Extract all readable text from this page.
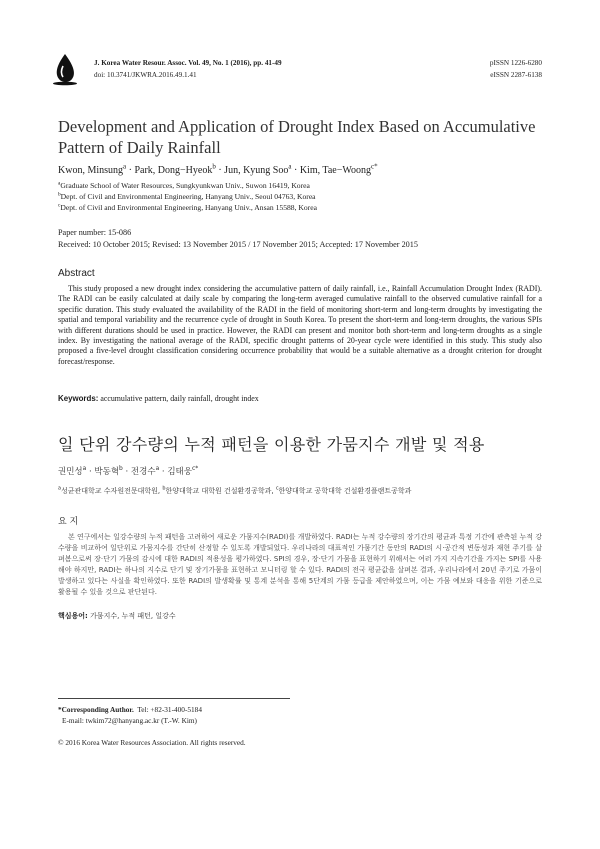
J. Korea Water Resour. Assoc. Vol. 49, No. 1 (2016), pp. 41-49
doi: 10.3741/JKWRA.2016.49.1.41
pISSN 1226-6280
eISSN 2287-6138
Development and Application of Drought Index Based on Accumulative Pattern of Daily Rainfall
Kwon, Minsung$^a$ · Park, Dong−Hyeok$^b$ · Jun, Kyung Soo$^a$ · Kim, Tae−Woong$^{c*}$
$^a$Graduate School of Water Resources, Sungkyunkwan Univ., Suwon 16419, Korea
$^b$Dept. of Civil and Environmental Engineering, Hanyang Univ., Seoul 04763, Korea
$^c$Dept. of Civil and Environmental Engineering, Hanyang Univ., Ansan 15588, Korea
Paper number: 15-086
Received: 10 October 2015; Revised: 13 November 2015 / 17 November 2015; Accepted: 17 November 2015
Abstract
This study proposed a new drought index considering the accumulative pattern of daily rainfall, i.e., Rainfall Accumulation Drought Index (RADI). The RADI can be easily calculated at daily scale by comparing the long-term averaged cumulative rainfall to the observed cumulative rainfall for a specific duration. This study evaluated the availability of the RADI in the field of monitoring short-term and long-term droughts by investigating the spatial and temporal variability and the recurrence cycle of drought in South Korea. To present the short-term and long-term droughts, the various SPIs with different durations should be used in practice. However, the RADI can present and monitor both short-term and long-term droughts as a single index. By investigating the national average of the RADI, specific drought patterns of 20-year cycle were identified in this study. This study also proposed a five-level drought classification considering occurrence probability that would be a suitable alternative as a drought criterion for drought forecast/response.
Keywords: accumulative pattern, daily rainfall, drought index
일 단위 강수량의 누적 패턴을 이용한 가뭄지수 개발 및 적용
권민성$^a$ · 박동혁$^b$ · 전경수$^a$ · 김태웅$^{c*}$
$^a$성균관대학교 수자원전문대학원, $^b$한양대학교 대학원 건설환경공학과, $^c$한양대학교 공학대학 건설환경플랜트공학과
요 지
본 연구에서는 일강수량의 누적 패턴을 고려하여 새로운 가뭄지수(RADI)를 개발하였다. RADI는 누적 강수량의 장기간의 평균과 특정 기간에 관측된 누적 강수량을 비교하여 일단위로 가뭄지수를 간단히 산정할 수 있도록 개발되었다. 우리나라의 대표적인 가뭄기간 동안의 RADI의 시·공간적 변동성과 재현 주기를 살펴봄으로써 장·단기 가뭄의 감시에 대한 RADI의 적용성을 평가하였다. SPI의 경우, 장·단기 가뭄을 표현하기 위해서는 여러 가지 지속기간을 가지는 SPI를 사용해야 하지만, RADI는 하나의 지수로 단기 및 장기가뭄을 표현하고 모니터링 할 수 있다. RADI의 전국 평균값을 살펴본 결과, 우리나라에서 20년 주기로 가뭄이 발생하고 있다는 사실을 확인하였다. 또한 RADI의 발생확률 및 통계 분석을 통해 5단계의 가뭄 등급을 제안하였으며, 이는 가뭄 예보와 대응을 위한 기준으로 활용될 수 있을 것으로 판단된다.
핵심용어: 가뭄지수, 누적 패턴, 일강수
*Corresponding Author. Tel: +82-31-400-5184
E-mail: twkim72@hanyang.ac.kr (T.-W. Kim)
© 2016 Korea Water Resources Association. All rights reserved.
